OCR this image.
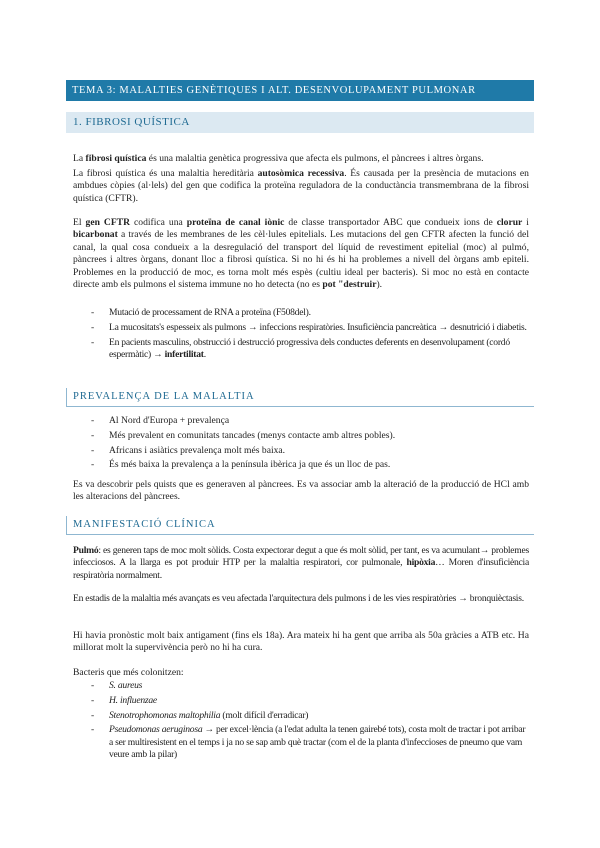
TEMA 3: MALALTIES GENÈTIQUES I ALT. DESENVOLUPAMENT PULMONAR
1. FIBROSI QUÍSTICA

La fibrosi quística és una malaltia genètica progressiva que afecta els pulmons, el pàncrees i altres òrgans.

La fibrosi quística és una malaltia hereditària autosòmica recessiva. És causada per la presència de mutacions en ambdues còpies (al·lels) del gen que codifica la proteïna reguladora de la conductància transmembrana de la fibrosi quística (CFTR).

El gen CFTR codifica una proteïna de canal iònic de classe transportador ABC que condueix ions de clorur i bicarbonat a través de les membranes de les cèl·lules epitelials. Les mutacions del gen CFTR afecten la funció del canal, la qual cosa condueix a la desregulació del transport del líquid de revestiment epitelial (moc) al pulmó, pàncrees i altres òrgans, donant lloc a fibrosi quística. Si no hi és hi ha problemes a nivell del òrgans amb epiteli. Problemes en la producció de moc, es torna molt més espès (cultiu ideal per bacteris). Si moc no està en contacte directe amb els pulmons el sistema immune no ho detecta (no es pot "destruir).

- Mutació de processament de RNA a proteïna (F508del).
- La mucositats's espesseix als pulmons → infeccions respiratòries. Insuficiència pancreàtica → desnutrició i diabetis.
- En pacients masculins, obstrucció i destrucció progressiva dels conductes deferents en desenvolupament (cordó espermàtic) → infertilitat.
PREVALENÇA DE LA MALALTIA
- Al Nord d'Europa + prevalença
- Més prevalent en comunitats tancades (menys contacte amb altres pobles).
- Africans i asiàtics prevalença molt més baixa.
- És més baixa la prevalença a la península ibèrica ja que és un lloc de pas.

Es va descobrir pels quists que es generaven al pàncrees. Es va associar amb la alteració de la producció de HCl amb les alteracions del pàncrees.

MANIFESTACIÓ CLÍNICA

Pulmó: es generen taps de moc molt sòlids. Costa expectorar degut a que és molt sòlid, per tant, es va acumulant→ problemes infecciosos. A la llarga es pot produir HTP per la malaltia respiratori, cor pulmonale, hipòxia… Moren d'insuficiència respiratòria normalment.

En estadis de la malaltia més avançats es veu afectada l'arquitectura dels pulmons i de les vies respiratòries → bronquièctasis.

Hi havia pronòstic molt baix antigament (fins els 18a). Ara mateix hi ha gent que arriba als 50a gràcies a ATB etc. Ha millorat molt la supervivència però no hi ha cura.

Bacteris que més colonitzen:

- S. aureus
- H. influenzae
- Stenotrophomonas maltophilia (molt difícil d'erradicar)
- Pseudomonas aeruginosa → per excel·lència (a l'edat adulta la tenen gairebé tots), costa molt de tractar i pot arribar a ser multiresistent en el temps i ja no se sap amb què tractar (com el de la planta d'infeccioses de pneumo que vam veure amb la pilar)
